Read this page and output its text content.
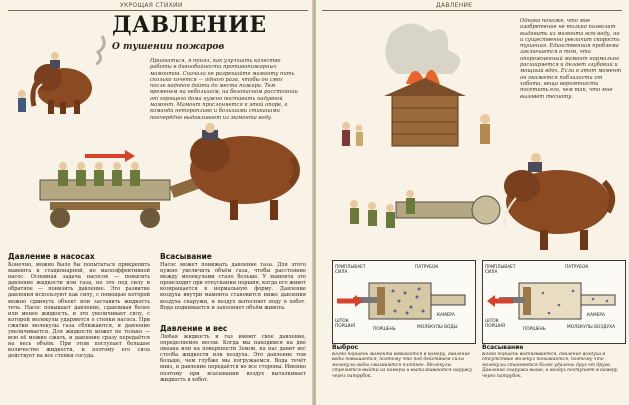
УКРОЩАЯ СТИХИИ
ДАВЛЕНИЕ
О тушении пожаров
Признаться, я понял, как улучшить качество работы в давнобойности противопожарных мамонтов. Сначала не разрешайте мамонту пить сколько хочется — одного раза, чтобы он смог после водопоя дойти до места пожара. Тем временем на небольшом, на безопасном расстоянии от горящего дома нужно поставить надувной мамонт. Мамонт прислоняется к этой опоре, а команда неторопливо и большими стаканами поочерёдно выдавливает из мамонта воду.
Давление в насосах
Конечно, можно было бы попытаться прикрепить мамонта к стационарной, но малоэффективной насос. Основная задача насосов — повысить давление жидкости или газа, но это под силу и обратное — понизить давление. Это развитие давления используют как силу, с помощью которой можно сдвинуть объект или заставить жидкость течь. Насос повышает давление, сдавливая более или менее жидкость, и это увеличивает силу, с которой молекулы ударяются о стенки насоса. При сжатии молекулы газа сближаются, и давление увеличивается. Для жидкости может не только — всю её можно сжать, и давление сразу передаётся на весь объём. При этом поступает большое количество жидкости, и поэтому его сила действует на все стенки сосуда.
Всасывание
Насос может понижать давление газа. Для этого нужно увеличить объём газа, чтобы расстояние между молекулами стало больше. У мамонта это происходит при отпускании поршня, когда его живот возвращается в нормальную форму. Давление воздуха внутри мамонта становится ниже давления воздуха снаружи, и воздух вытесняет воду в хобот. Вода поднимается и заполняет объём живота.
Давление и вес
Любая жидкость и газ имеют свое давление, определяемое весом. Когда мы находимся на дне океана или на поверхности Земли, на нас давит вес столба жидкости или воздуха. Это давление тем больше, чем глубже мы погружаемся. Вода течёт вниз, и давление передаётся во все стороны. Именно поэтому при всасывании воздух выталкивает жидкость в хобот.
ДАВЛЕНИЕ
Однако похоже, что мое изобретение не только позволит выдавить из мамонта всю воду, но и существенно увеличит скорость тушения. Единственная проблема заключается в том, что опорожненный мамонт нормально расширяется и делает глубокий и мощный вдох. Если в этот момент он окажется поблизости от хобота, вещи вероятности посетить его, чем так, что мне вызовет тесноту.
ПРИПЛЫВАЕТ СИЛА
ПАТРУБОК
ШТОК ПОРШНЯ
КАМЕРА
ПОРШЕНЬ	МОЛЕКУЛЫ ВОДЫ
ПРИПЛЫВАЕТ СИЛА
ПАТРУБОК
ШТОК ПОРШНЯ
КАМЕРА
ПОРШЕНЬ	МОЛЕКУЛЫ ВОЗДУХА
Выброс
Когда поршень мамонта вдвигается в камеру, давление воды повышается, поэтому что под действием силы молекулы воды сжимаются плотнее. Молекулы стремятся выйти из камеры и выталкиваются наружу через патрубок.
Всасывание
Когда поршень вытягивается, давление воздуха в отсутствие молекул понижается, поэтому что молекулы становятся более удалены друг от друга. Давление снаружи выше, и воздух поступает в камеру через патрубок.
